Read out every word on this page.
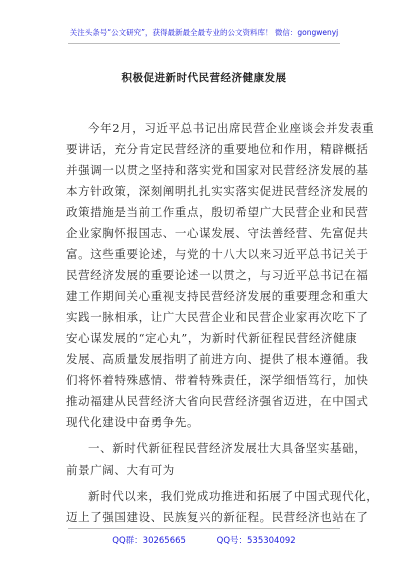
关注头条号“公文研究”，获得最新最全最专业的公文资料库！ 微信：gongwenyj
积极促进新时代民营经济健康发展
今年2月，习近平总书记出席民营企业座谈会并发表重
要讲话，充分肯定民营经济的重要地位和作用，精辟概括
并强调一以贯之坚持和落实党和国家对民营经济发展的基
本方针政策，深刻阐明扎扎实实落实促进民营经济发展的
政策措施是当前工作重点，殷切希望广大民营企业和民营
企业家胸怀报国志、一心谋发展、守法善经营、先富促共
富。这些重要论述，与党的十八大以来习近平总书记关于
民营经济发展的重要论述一以贯之，与习近平总书记在福
建工作期间关心重视支持民营经济发展的重要理念和重大
实践一脉相承，让广大民营企业和民营企业家再次吃下了
安心谋发展的“定心丸”，为新时代新征程民营经济健康
发展、高质量发展指明了前进方向、提供了根本遵循。我
们将怀着特殊感情、带着特殊责任，深学细悟笃行，加快
推动福建从民营经济大省向民营经济强省迈进，在中国式
现代化建设中奋勇争先。
一、新时代新征程民营经济发展壮大具备坚实基础，
前景广阔、大有可为
新时代以来，我们党成功推进和拓展了中国式现代化，
迈上了强国建设、民族复兴的新征程。民营经济也站在了
QQ群：30265665	QQ号：535304092
